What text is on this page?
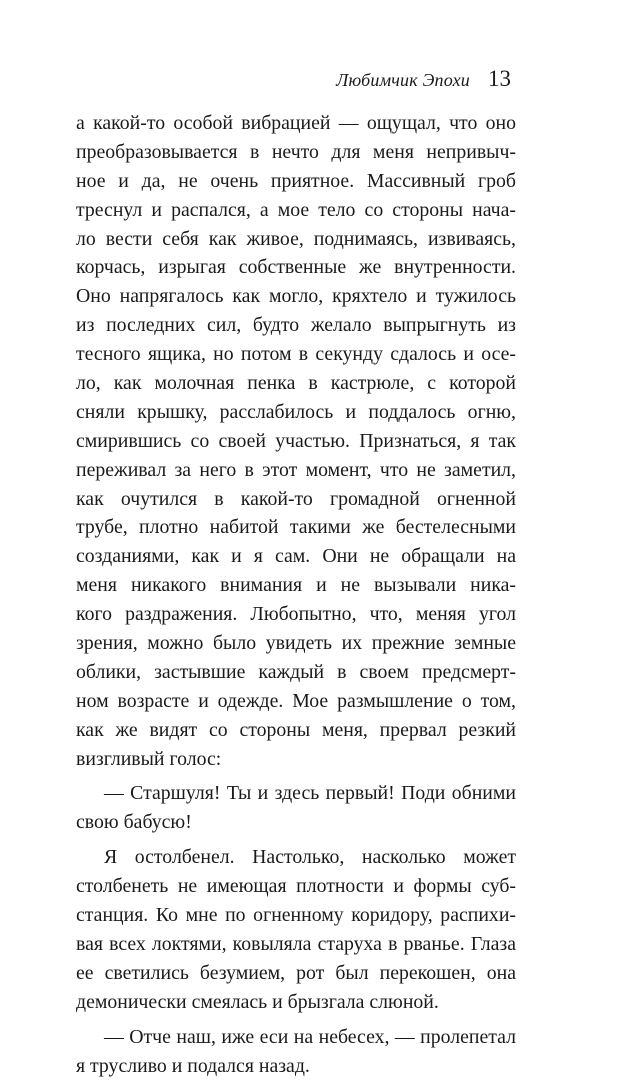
Любимчик Эпохи 13
а какой-то особой вибрацией — ощущал, что оно
преобразовывается в нечто для меня непривыч-
ное и да, не очень приятное. Массивный гроб
треснул и распался, а мое тело со стороны нача-
ло вести себя как живое, поднимаясь, извиваясь,
корчась, изрыгая собственные же внутренности.
Оно напрягалось как могло, кряхтело и тужилось
из последних сил, будто желало выпрыгнуть из
тесного ящика, но потом в секунду сдалось и осе-
ло, как молочная пенка в кастрюле, с которой
сняли крышку, расслабилось и поддалось огню,
смирившись со своей участью. Признаться, я так
переживал за него в этот момент, что не заметил,
как очутился в какой-то громадной огненной
трубе, плотно набитой такими же бестелесными
созданиями, как и я сам. Они не обращали на
меня никакого внимания и не вызывали ника-
кого раздражения. Любопытно, что, меняя угол
зрения, можно было увидеть их прежние земные
облики, застывшие каждый в своем предсмерт-
ном возрасте и одежде. Мое размышление о том,
как же видят со стороны меня, прервал резкий
визгливый голос:
— Старшуля! Ты и здесь первый! Поди обними
свою бабусю!
Я остолбенел. Настолько, насколько может
столбенеть не имеющая плотности и формы суб-
станция. Ко мне по огненному коридору, распихи-
вая всех локтями, ковыляла старуха в рванье. Глаза
ее светились безумием, рот был перекошен, она
демонически смеялась и брызгала слюной.
— Отче наш, иже еси на небесех, — пролепетал
я трусливо и подался назад.
